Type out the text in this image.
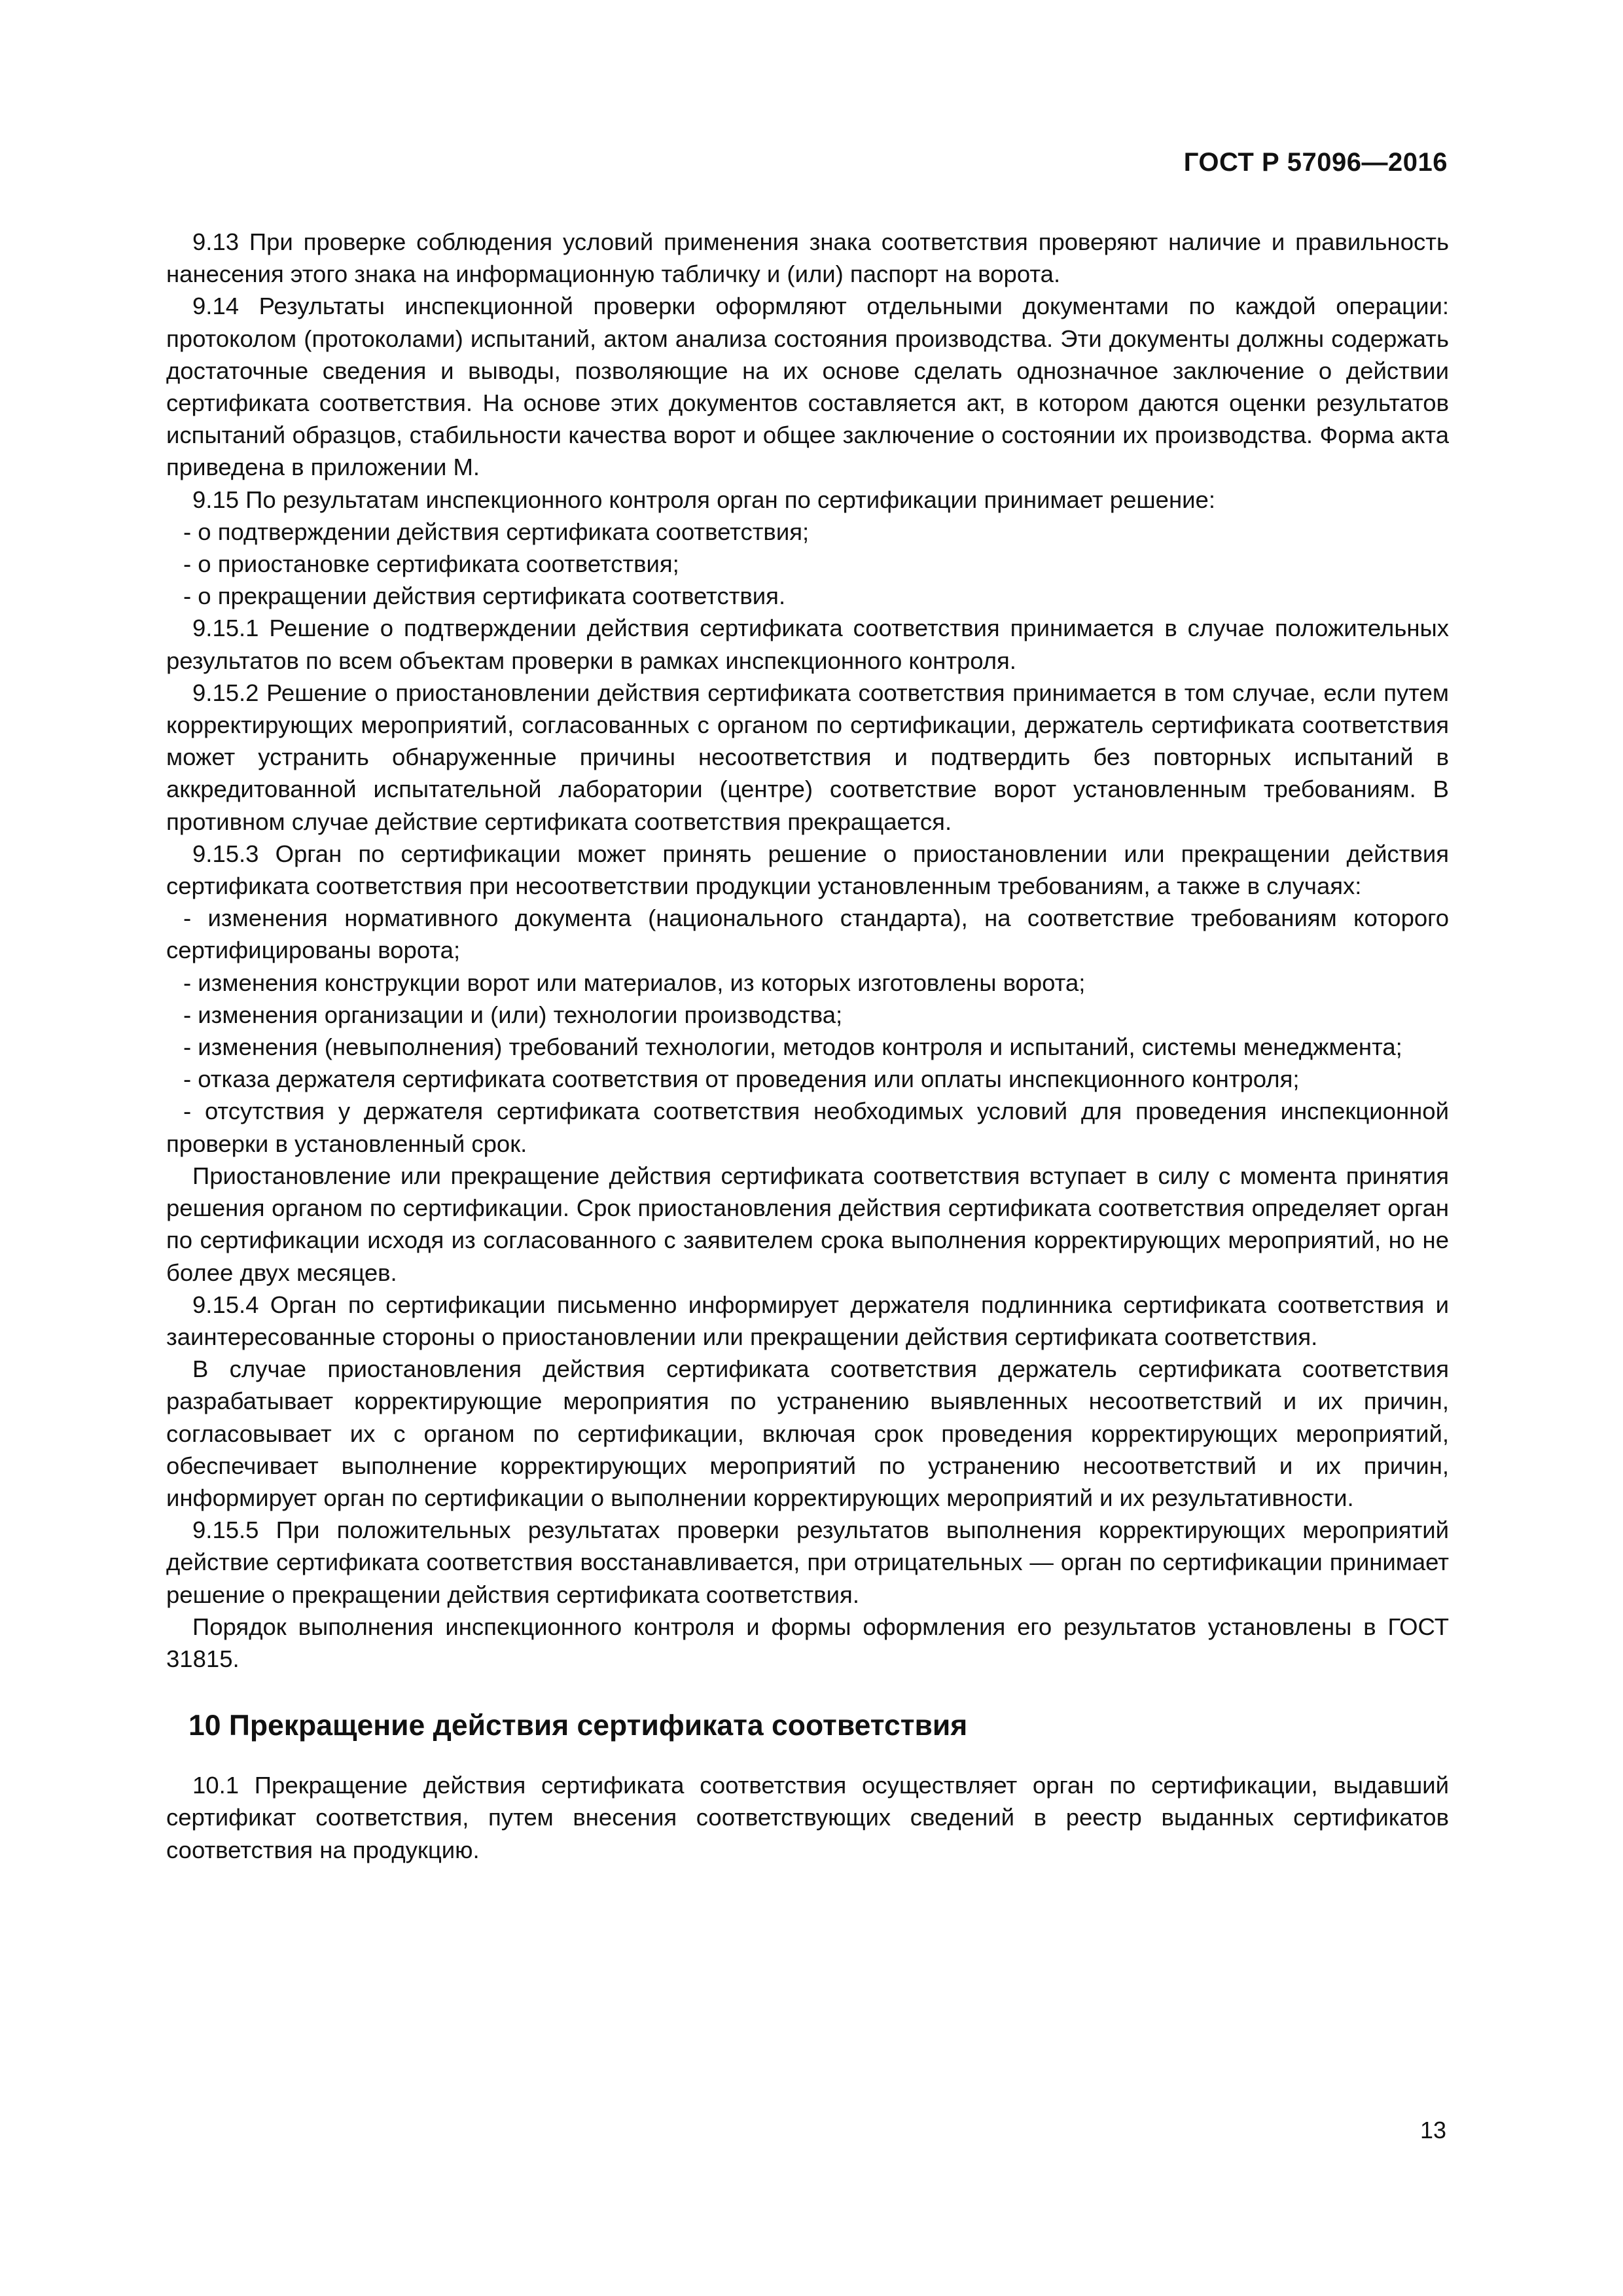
ГОСТ Р 57096—2016

9.13 При проверке соблюдения условий применения знака соответствия проверяют наличие и правильность нанесения этого знака на информационную табличку и (или) паспорт на ворота.

9.14 Результаты инспекционной проверки оформляют отдельными документами по каждой операции: протоколом (протоколами) испытаний, актом анализа состояния производства. Эти документы должны содержать достаточные сведения и выводы, позволяющие на их основе сделать однозначное заключение о действии сертификата соответствия. На основе этих документов составляется акт, в котором даются оценки результатов испытаний образцов, стабильности качества ворот и общее заключение о состоянии их производства. Форма акта приведена в приложении М.

9.15 По результатам инспекционного контроля орган по сертификации принимает решение:

- о подтверждении действия сертификата соответствия;

- о приостановке сертификата соответствия;

- о прекращении действия сертификата соответствия.

9.15.1 Решение о подтверждении действия сертификата соответствия принимается в случае положительных результатов по всем объектам проверки в рамках инспекционного контроля.

9.15.2 Решение о приостановлении действия сертификата соответствия принимается в том случае, если путем корректирующих мероприятий, согласованных с органом по сертификации, держатель сертификата соответствия может устранить обнаруженные причины несоответствия и подтвердить без повторных испытаний в аккредитованной испытательной лаборатории (центре) соответствие ворот установленным требованиям. В противном случае действие сертификата соответствия прекращается.

9.15.3 Орган по сертификации может принять решение о приостановлении или прекращении действия сертификата соответствия при несоответствии продукции установленным требованиям, а также в случаях:

- изменения нормативного документа (национального стандарта), на соответствие требованиям которого сертифицированы ворота;

- изменения конструкции ворот или материалов, из которых изготовлены ворота;

- изменения организации и (или) технологии производства;

- изменения (невыполнения) требований технологии, методов контроля и испытаний, системы менеджмента;

- отказа держателя сертификата соответствия от проведения или оплаты инспекционного контроля;

- отсутствия у держателя сертификата соответствия необходимых условий для проведения инспекционной проверки в установленный срок.

Приостановление или прекращение действия сертификата соответствия вступает в силу с момента принятия решения органом по сертификации. Срок приостановления действия сертификата соответствия определяет орган по сертификации исходя из согласованного с заявителем срока выполнения корректирующих мероприятий, но не более двух месяцев.

9.15.4 Орган по сертификации письменно информирует держателя подлинника сертификата соответствия и заинтересованные стороны о приостановлении или прекращении действия сертификата соответствия.

В случае приостановления действия сертификата соответствия держатель сертификата соответствия разрабатывает корректирующие мероприятия по устранению выявленных несоответствий и их причин, согласовывает их с органом по сертификации, включая срок проведения корректирующих мероприятий, обеспечивает выполнение корректирующих мероприятий по устранению несоответствий и их причин, информирует орган по сертификации о выполнении корректирующих мероприятий и их результативности.

9.15.5 При положительных результатах проверки результатов выполнения корректирующих мероприятий действие сертификата соответствия восстанавливается, при отрицательных — орган по сертификации принимает решение о прекращении действия сертификата соответствия.

Порядок выполнения инспекционного контроля и формы оформления его результатов установлены в ГОСТ 31815.

10 Прекращение действия сертификата соответствия

10.1 Прекращение действия сертификата соответствия осуществляет орган по сертификации, выдавший сертификат соответствия, путем внесения соответствующих сведений в реестр выданных сертификатов соответствия на продукцию.

13
